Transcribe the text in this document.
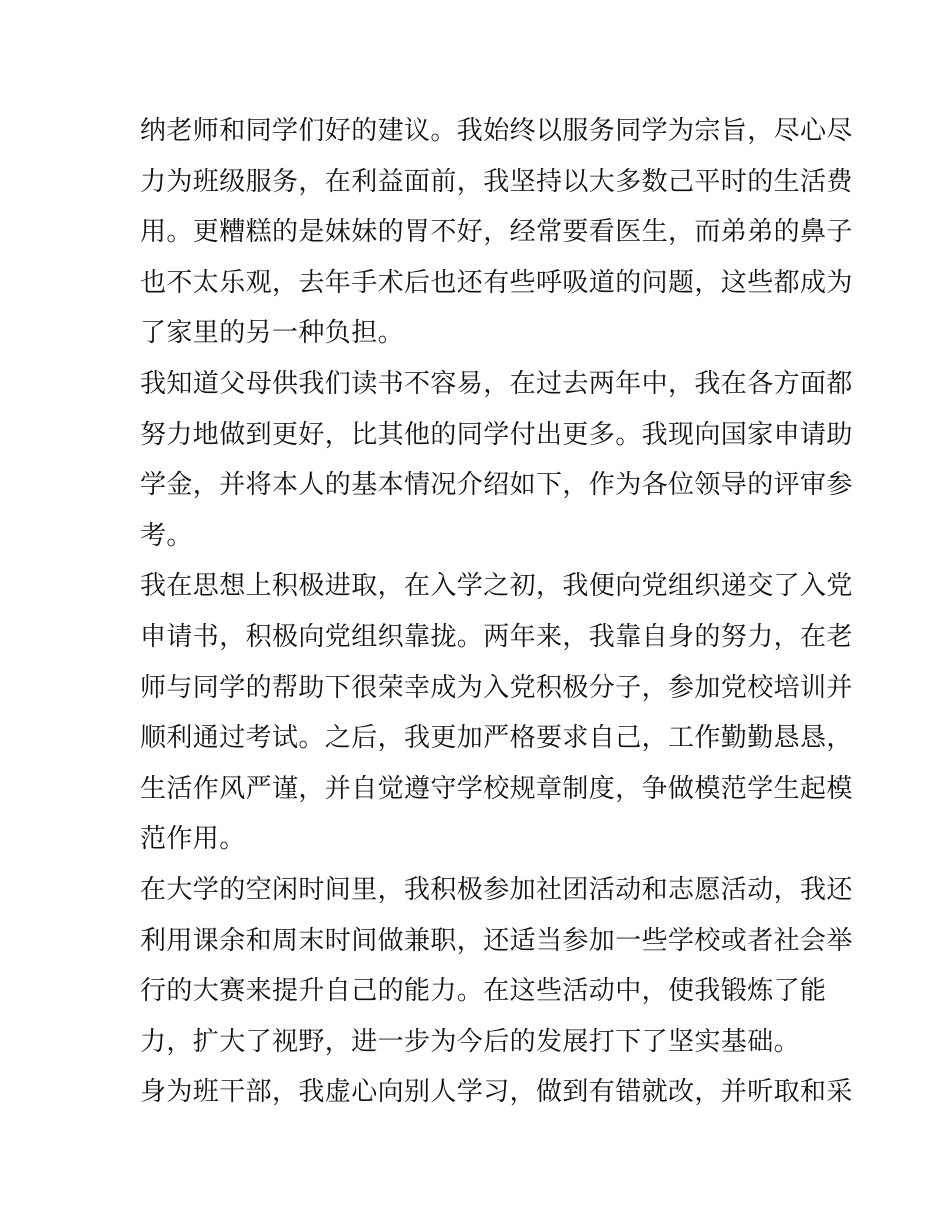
纳老师和同学们好的建议。我始终以服务同学为宗旨，尽心尽
力为班级服务，在利益面前，我坚持以大多数己平时的生活费
用。更糟糕的是妹妹的胃不好，经常要看医生，而弟弟的鼻子
也不太乐观，去年手术后也还有些呼吸道的问题，这些都成为
了家里的另一种负担。
我知道父母供我们读书不容易，在过去两年中，我在各方面都
努力地做到更好，比其他的同学付出更多。我现向国家申请助
学金，并将本人的基本情况介绍如下，作为各位领导的评审参
考。
我在思想上积极进取，在入学之初，我便向党组织递交了入党
申请书，积极向党组织靠拢。两年来，我靠自身的努力，在老
师与同学的帮助下很荣幸成为入党积极分子，参加党校培训并
顺利通过考试。之后，我更加严格要求自己，工作勤勤恳恳，
生活作风严谨，并自觉遵守学校规章制度，争做模范学生起模
范作用。
在大学的空闲时间里，我积极参加社团活动和志愿活动，我还
利用课余和周末时间做兼职，还适当参加一些学校或者社会举
行的大赛来提升自己的能力。在这些活动中，使我锻炼了能
力，扩大了视野，进一步为今后的发展打下了坚实基础。
身为班干部，我虚心向别人学习，做到有错就改，并听取和采
